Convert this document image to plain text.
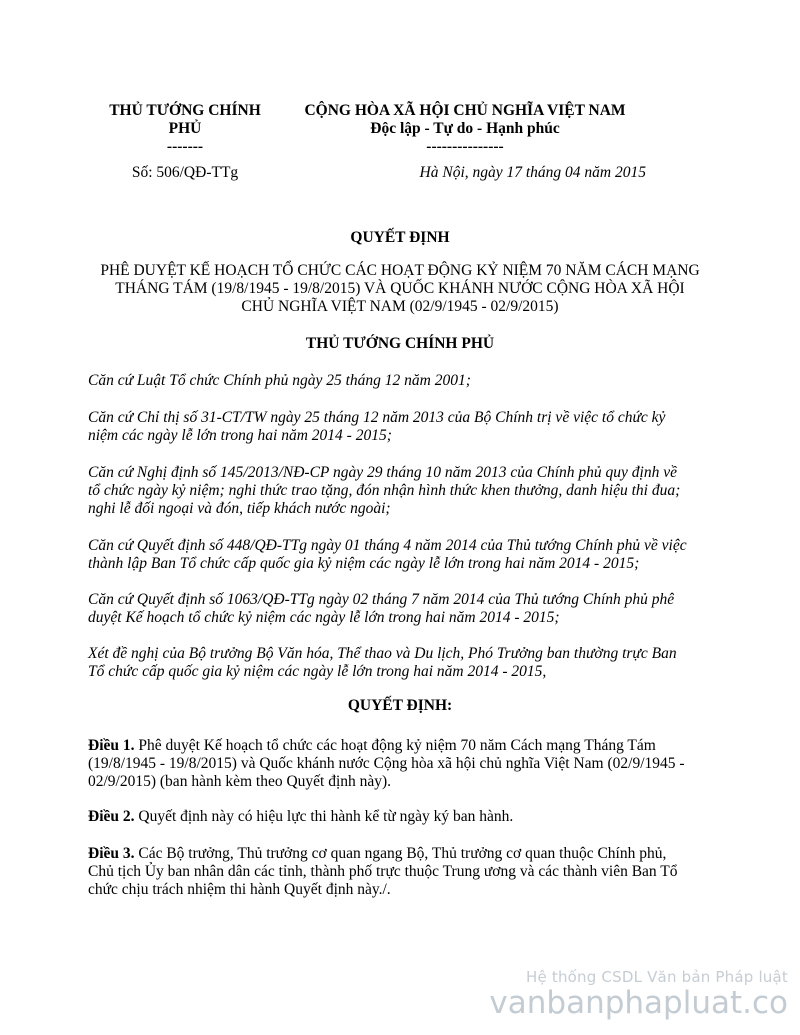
THỦ TƯỚNG CHÍNH
PHỦ
-------
CỘNG HÒA XÃ HỘI CHỦ NGHĨA VIỆT NAM
Độc lập - Tự do - Hạnh phúc
---------------
Số: 506/QĐ-TTg	Hà Nội, ngày 17 tháng 04 năm 2015
QUYẾT ĐỊNH
PHÊ DUYỆT KẾ HOẠCH TỔ CHỨC CÁC HOẠT ĐỘNG KỶ NIỆM 70 NĂM CÁCH MẠNG
THÁNG TÁM (19/8/1945 - 19/8/2015) VÀ QUỐC KHÁNH NƯỚC CỘNG HÒA XÃ HỘI
CHỦ NGHĨA VIỆT NAM (02/9/1945 - 02/9/2015)
THỦ TƯỚNG CHÍNH PHỦ

Căn cứ Luật Tổ chức Chính phủ ngày 25 tháng 12 năm 2001;

Căn cứ Chỉ thị số 31-CT/TW ngày 25 tháng 12 năm 2013 của Bộ Chính trị về việc tổ chức kỷ
niệm các ngày lễ lớn trong hai năm 2014 - 2015;

Căn cứ Nghị định số 145/2013/NĐ-CP ngày 29 tháng 10 năm 2013 của Chính phủ quy định về
tổ chức ngày kỷ niệm; nghi thức trao tặng, đón nhận hình thức khen thưởng, danh hiệu thi đua;
nghi lễ đối ngoại và đón, tiếp khách nước ngoài;

Căn cứ Quyết định số 448/QĐ-TTg ngày 01 tháng 4 năm 2014 của Thủ tướng Chính phủ về việc
thành lập Ban Tổ chức cấp quốc gia kỷ niệm các ngày lễ lớn trong hai năm 2014 - 2015;

Căn cứ Quyết định số 1063/QĐ-TTg ngày 02 tháng 7 năm 2014 của Thủ tướng Chính phủ phê
duyệt Kế hoạch tổ chức kỷ niệm các ngày lễ lớn trong hai năm 2014 - 2015;

Xét đề nghị của Bộ trưởng Bộ Văn hóa, Thể thao và Du lịch, Phó Trưởng ban thường trực Ban
Tổ chức cấp quốc gia kỷ niệm các ngày lễ lớn trong hai năm 2014 - 2015,

QUYẾT ĐỊNH:

Điều 1. Phê duyệt Kế hoạch tổ chức các hoạt động kỷ niệm 70 năm Cách mạng Tháng Tám
(19/8/1945 - 19/8/2015) và Quốc khánh nước Cộng hòa xã hội chủ nghĩa Việt Nam (02/9/1945 -
02/9/2015) (ban hành kèm theo Quyết định này).

Điều 2. Quyết định này có hiệu lực thi hành kể từ ngày ký ban hành.

Điều 3. Các Bộ trưởng, Thủ trưởng cơ quan ngang Bộ, Thủ trưởng cơ quan thuộc Chính phủ,
Chủ tịch Ủy ban nhân dân các tỉnh, thành phố trực thuộc Trung ương và các thành viên Ban Tổ
chức chịu trách nhiệm thi hành Quyết định này./.

Hệ thống CSDL Văn bản Pháp luật
vanbanphapluat.co
